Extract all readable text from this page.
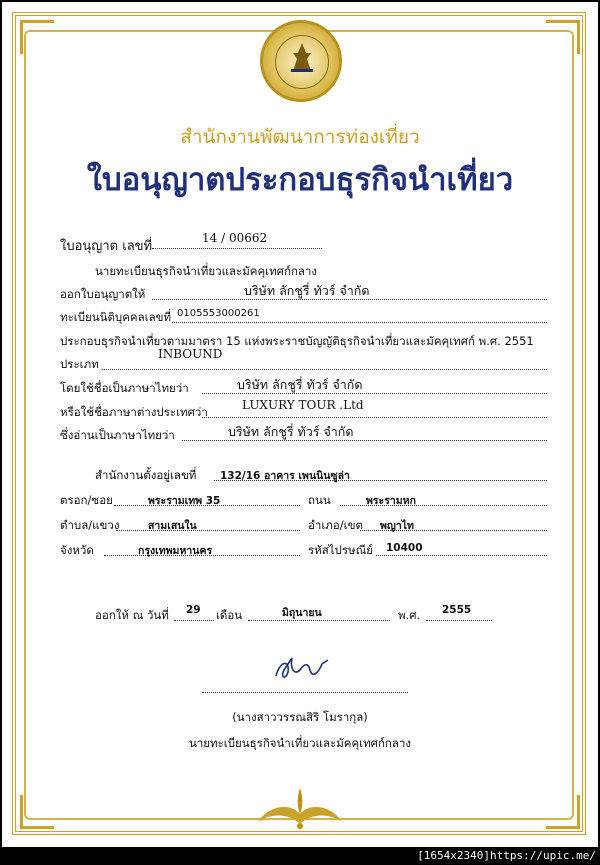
สำนักงานพัฒนาการท่องเที่ยว
ใบอนุญาตประกอบธุรกิจนำเที่ยว
ใบอนุญาต เลขที่
14 / 00662
นายทะเบียนธุรกิจนำเที่ยวและมัคคุเทศก์กลาง
ออกใบอนุญาตให้	บริษัท ลักชูรี่ ทัวร์ จำกัด
ทะเบียนนิติบุคคลเลขที่ 0105553000261
ประกอบธุรกิจนำเที่ยวตามมาตรา 15 แห่งพระราชบัญญัติธุรกิจนำเที่ยวและมัคคุเทศก์ พ.ศ. 2551
ประเภท
INBOUND
โดยใช้ชื่อเป็นภาษาไทยว่า	บริษัท ลักชูรี่ ทัวร์ จำกัด
หรือใช้ชื่อภาษาต่างประเทศว่า	LUXURY TOUR .Ltd
ซึ่งอ่านเป็นภาษาไทยว่า	บริษัท ลักชูรี่ ทัวร์ จำกัด
สำนักงานตั้งอยู่เลขที่ 132/16 อาคาร เพนนินซูล่า
ตรอก/ซอย	พระรามเทพ 35	ถนน	พระรามหก
ตำบล/แขวง	สามเสนใน	อำเภอ/เขต พญาไท
จังหวัด	กรุงเทพมหานคร	รหัสไปรษณีย์ 10400
ออกให้ ณ วันที่ 29 เดือน	มิถุนายน	พ.ศ. 2555
(นางสาววรรณสิริ โมรากุล)
นายทะเบียนธุรกิจนำเที่ยวและมัคคุเทศก์กลาง
[1654x2340]https://upic.me/
